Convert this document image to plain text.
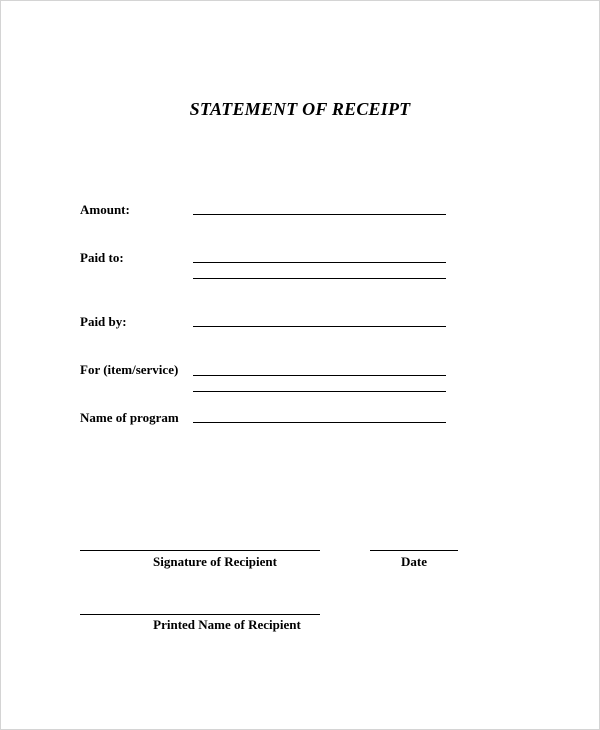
STATEMENT OF RECEIPT
Amount:
Paid to:
Paid by:
For (item/service)
Name of program
Signature of Recipient	Date
Printed Name of Recipient
